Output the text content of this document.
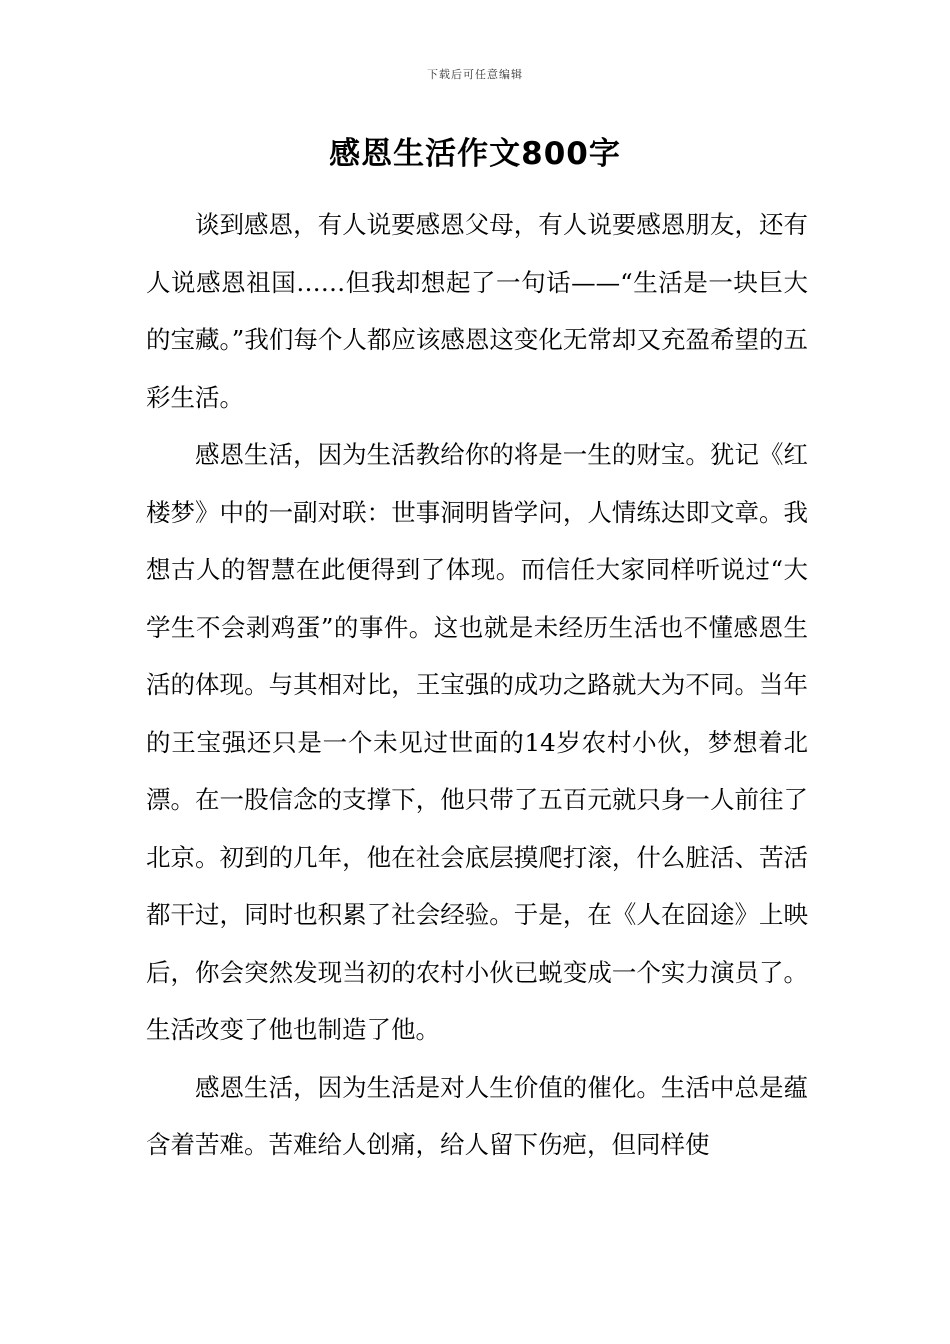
下载后可任意编辑
感恩生活作文800字

谈到感恩，有人说要感恩父母，有人说要感恩朋友，还有人说感恩祖国……但我却想起了一句话——“生活是一块巨大的宝藏。”我们每个人都应该感恩这变化无常却又充盈希望的五彩生活。

感恩生活，因为生活教给你的将是一生的财宝。犹记《红楼梦》中的一副对联：世事洞明皆学问，人情练达即文章。我想古人的智慧在此便得到了体现。而信任大家同样听说过“大学生不会剥鸡蛋”的事件。这也就是未经历生活也不懂感恩生活的体现。与其相对比，王宝强的成功之路就大为不同。当年的王宝强还只是一个未见过世面的14岁农村小伙，梦想着北漂。在一股信念的支撑下，他只带了五百元就只身一人前往了北京。初到的几年，他在社会底层摸爬打滚，什么脏活、苦活都干过，同时也积累了社会经验。于是，在《人在囧途》上映后，你会突然发现当初的农村小伙已蜕变成一个实力演员了。生活改变了他也制造了他。

感恩生活，因为生活是对人生价值的催化。生活中总是蕴含着苦难。苦难给人创痛，给人留下伤疤，但同样使
